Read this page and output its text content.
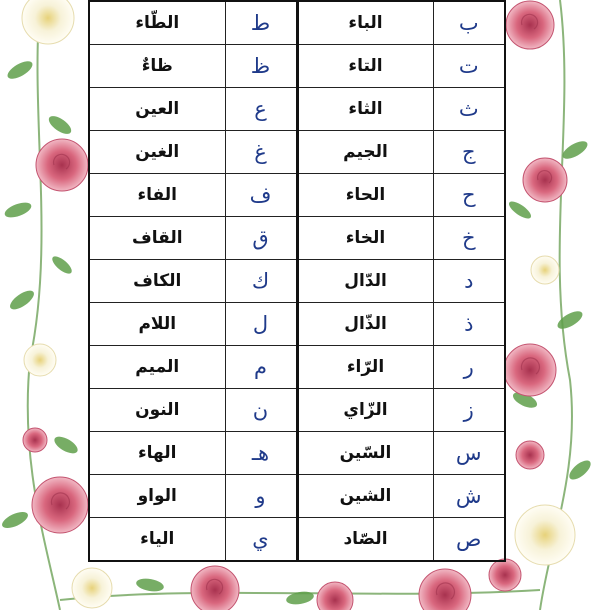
ب	الباء	ط	الطّاء
ت	التاء	ظ	ظاءٌ
ث	الثاء	ع	العين
ج	الجيم	غ	الغين
ح	الحاء	ف	الفاء
خ	الخاء	ق	القاف
د	الدّال	ك	الكاف
ذ	الذّال	ل	اللام
ر	الرّاء	م	الميم
ز	الزّاي	ن	النون
س	السّين	هـ	الهاء
ش	الشين	و	الواو
ص	الصّاد	ي	الياء
